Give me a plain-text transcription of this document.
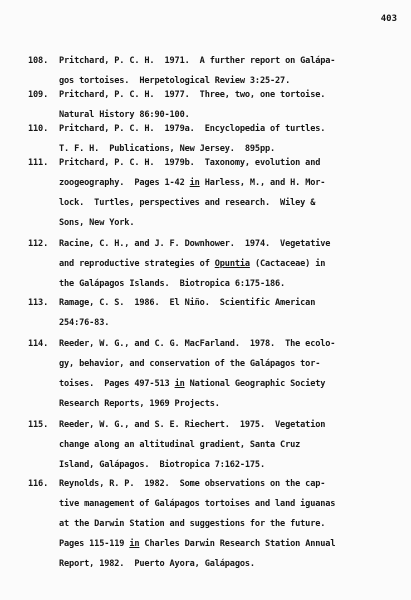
403
108. Pritchard, P. C. H.  1971.  A further report on Galápa-
gos tortoises.  Herpetological Review 3:25-27.
109. Pritchard, P. C. H.  1977.  Three, two, one tortoise.
Natural History 86:90-100.
110. Pritchard, P. C. H.  1979a.  Encyclopedia of turtles.
T. F. H.  Publications, New Jersey.  895pp.
111. Pritchard, P. C. H.  1979b.  Taxonomy, evolution and
zoogeography.  Pages 1-42 in Harless, M., and H. Mor-
lock.  Turtles, perspectives and research.  Wiley &
Sons, New York.
112. Racine, C. H., and J. F. Downhower.  1974.  Vegetative
and reproductive strategies of Opuntia (Cactaceae) in
the Galápagos Islands.  Biotropica 6:175-186.
113. Ramage, C. S.  1986.  El Niño.  Scientific American
254:76-83.
114. Reeder, W. G., and C. G. MacFarland.  1978.  The ecolo-
gy, behavior, and conservation of the Galápagos tor-
toises.  Pages 497-513 in National Geographic Society
Research Reports, 1969 Projects.
115. Reeder, W. G., and S. E. Riechert.  1975.  Vegetation
change along an altitudinal gradient, Santa Cruz
Island, Galápagos.  Biotropica 7:162-175.
116. Reynolds, R. P.  1982.  Some observations on the cap-
tive management of Galápagos tortoises and land iguanas
at the Darwin Station and suggestions for the future.
Pages 115-119 in Charles Darwin Research Station Annual
Report, 1982.  Puerto Ayora, Galápagos.
